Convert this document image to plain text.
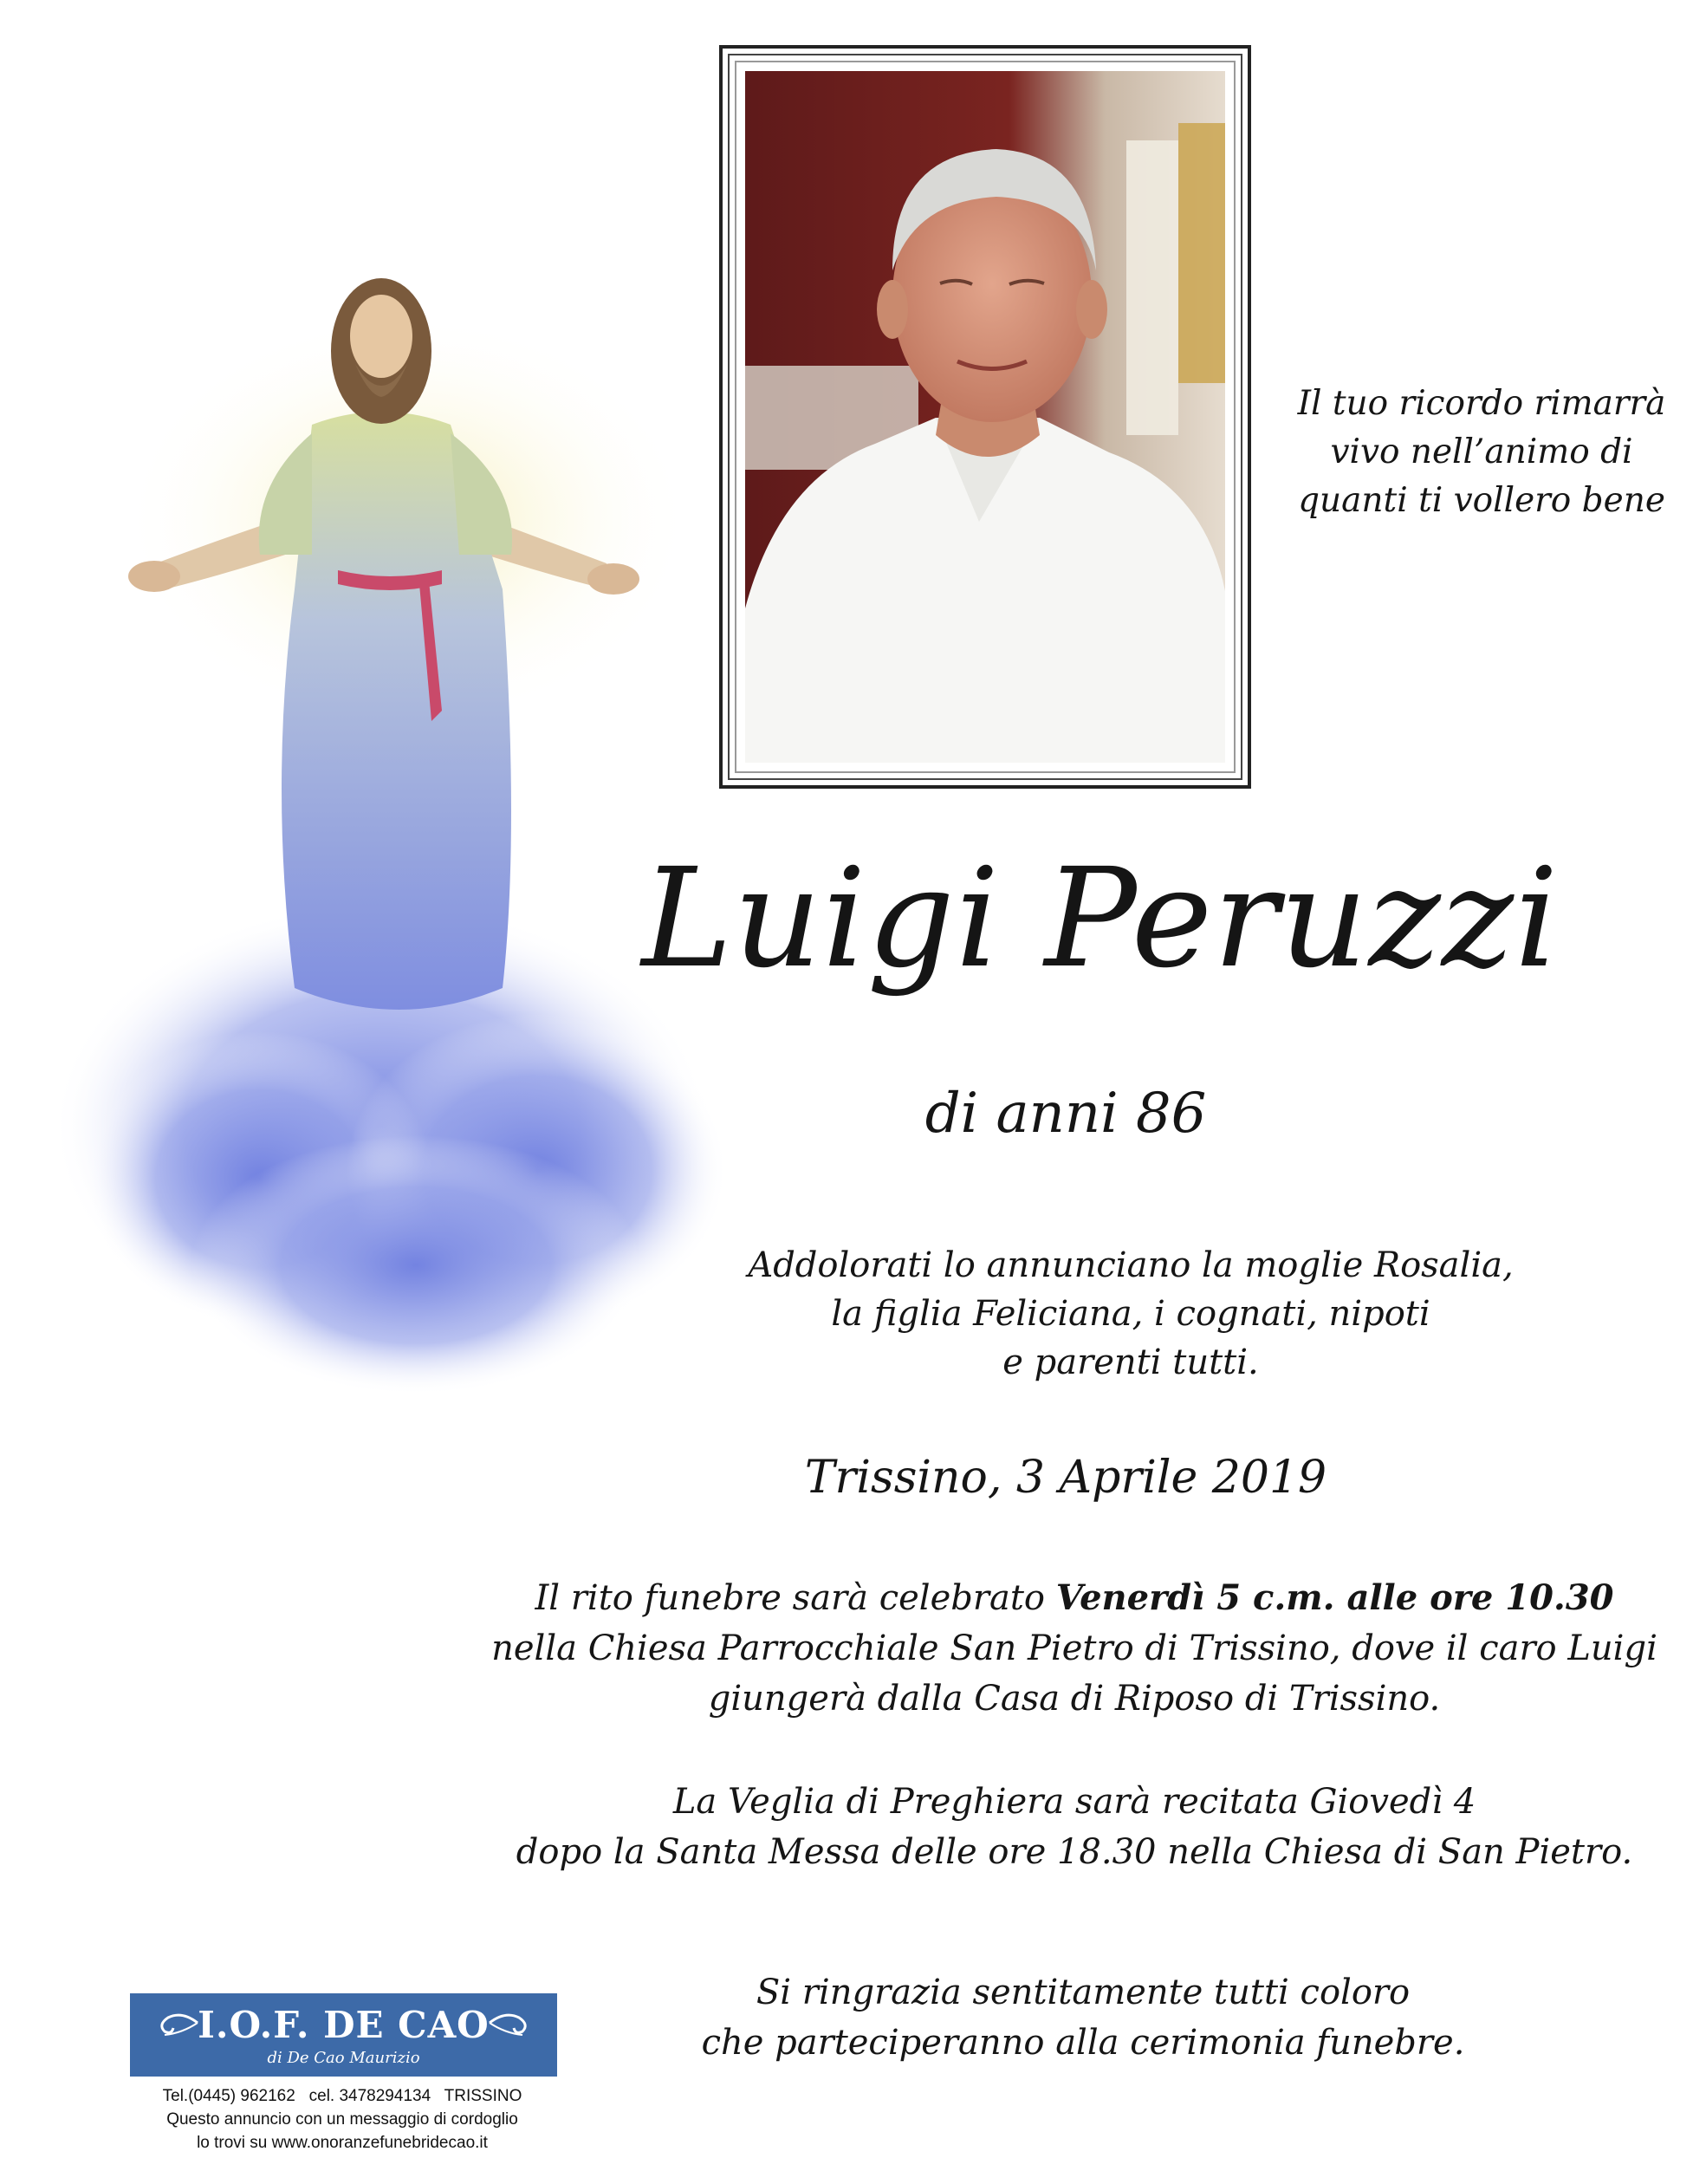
Il tuo ricordo rimarrà
vivo nell’animo di
quanti ti vollero bene
Luigi Peruzzi
di anni 86
Addolorati lo annunciano la moglie Rosalia,
la figlia Feliciana, i cognati, nipoti
e parenti tutti.
Trissino, 3 Aprile 2019
Il rito funebre sarà celebrato Venerdì 5 c.m. alle ore 10.30
nella Chiesa Parrocchiale San Pietro di Trissino, dove il caro Luigi
giungerà dalla Casa di Riposo di Trissino.
La Veglia di Preghiera sarà recitata Giovedì 4
dopo la Santa Messa delle ore 18.30 nella Chiesa di San Pietro.
Si ringrazia sentitamente tutti coloro
che parteciperanno alla cerimonia funebre.
I.O.F. DE CAO
di De Cao Maurizio
Tel.(0445) 962162   cel. 3478294134   TRISSINO
Questo annuncio con un messaggio di cordoglio
lo trovi su www.onoranzefunebridecao.it
